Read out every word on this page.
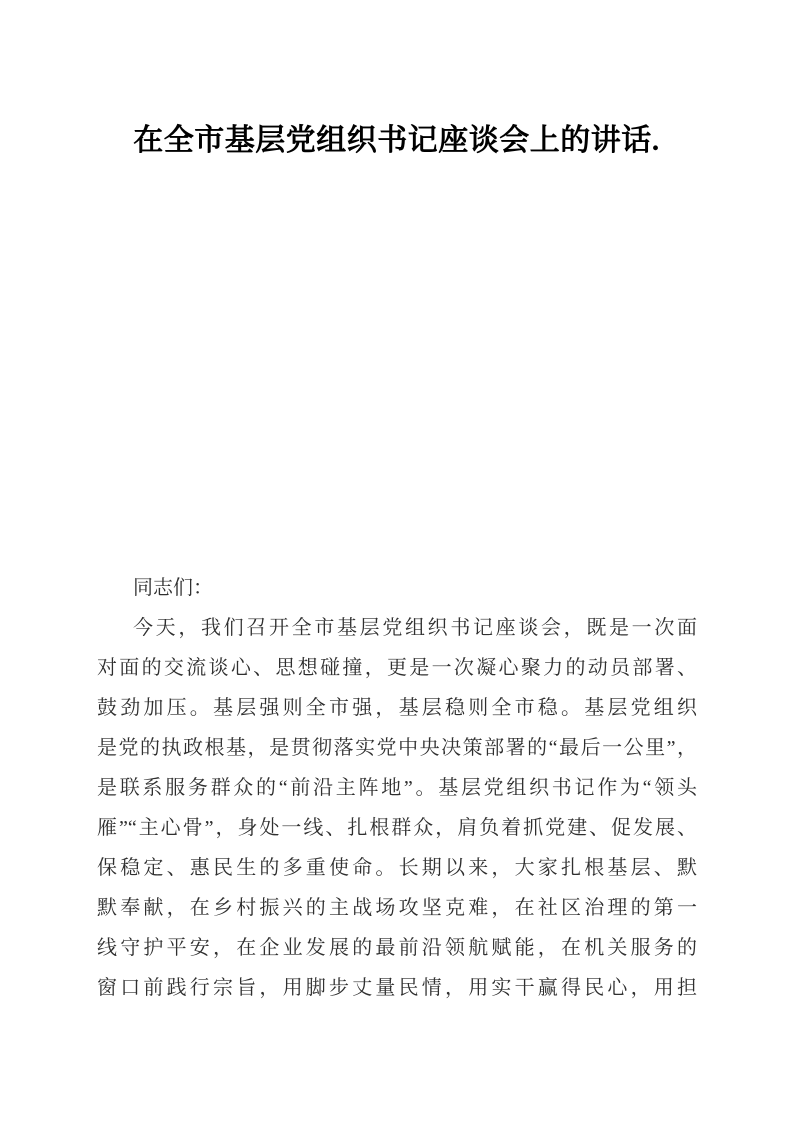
在全市基层党组织书记座谈会上的讲话.
同志们：
今天，我们召开全市基层党组织书记座谈会，既是一次面
对面的交流谈心、思想碰撞，更是一次凝心聚力的动员部署、
鼓劲加压。基层强则全市强，基层稳则全市稳。基层党组织
是党的执政根基，是贯彻落实党中央决策部署的“最后一公里”，
是联系服务群众的“前沿主阵地”。基层党组织书记作为“领头
雁”“主心骨”，身处一线、扎根群众，肩负着抓党建、促发展、
保稳定、惠民生的多重使命。长期以来，大家扎根基层、默
默奉献，在乡村振兴的主战场攻坚克难，在社区治理的第一
线守护平安，在企业发展的最前沿领航赋能，在机关服务的
窗口前践行宗旨，用脚步丈量民情，用实干赢得民心，用担
